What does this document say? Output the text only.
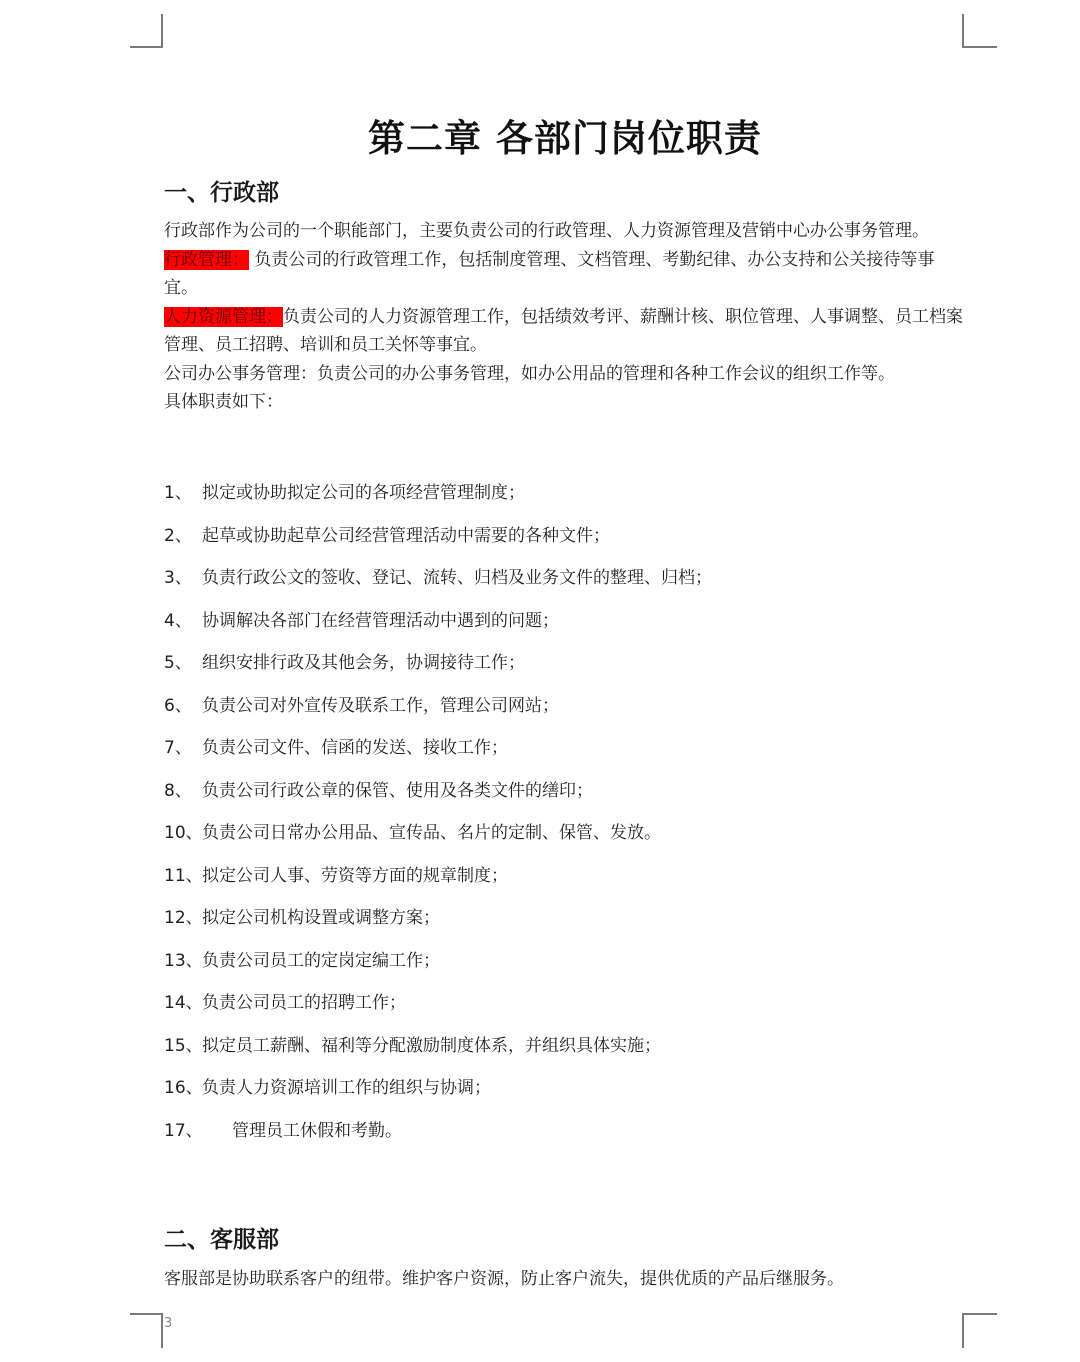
第二章 各部门岗位职责
一、行政部
行政部作为公司的一个职能部门，主要负责公司的行政管理、人力资源管理及营销中心办公事务管理。
行政管理： 负责公司的行政管理工作，包括制度管理、文档管理、考勤纪律、办公支持和公关接待等事宜。
人力资源管理：负责公司的人力资源管理工作，包括绩效考评、薪酬计核、职位管理、人事调整、员工档案管理、员工招聘、培训和员工关怀等事宜。
公司办公事务管理：负责公司的办公事务管理，如办公用品的管理和各种工作会议的组织工作等。
具体职责如下：
1、 拟定或协助拟定公司的各项经营管理制度；
2、 起草或协助起草公司经营管理活动中需要的各种文件；
3、 负责行政公文的签收、登记、流转、归档及业务文件的整理、归档；
4、 协调解决各部门在经营管理活动中遇到的问题；
5、 组织安排行政及其他会务，协调接待工作；
6、 负责公司对外宣传及联系工作，管理公司网站；
7、 负责公司文件、信函的发送、接收工作；
8、 负责公司行政公章的保管、使用及各类文件的缮印；
10、 负责公司日常办公用品、宣传品、名片的定制、保管、发放。
11、 拟定公司人事、劳资等方面的规章制度；
12、 拟定公司机构设置或调整方案；
13、 负责公司员工的定岗定编工作；
14、 负责公司员工的招聘工作；
15、 拟定员工薪酬、福利等分配激励制度体系，并组织具体实施；
16、 负责人力资源培训工作的组织与协调；
17、	管理员工休假和考勤。
二、客服部
客服部是协助联系客户的纽带。维护客户资源，防止客户流失，提供优质的产品后继服务。
3
